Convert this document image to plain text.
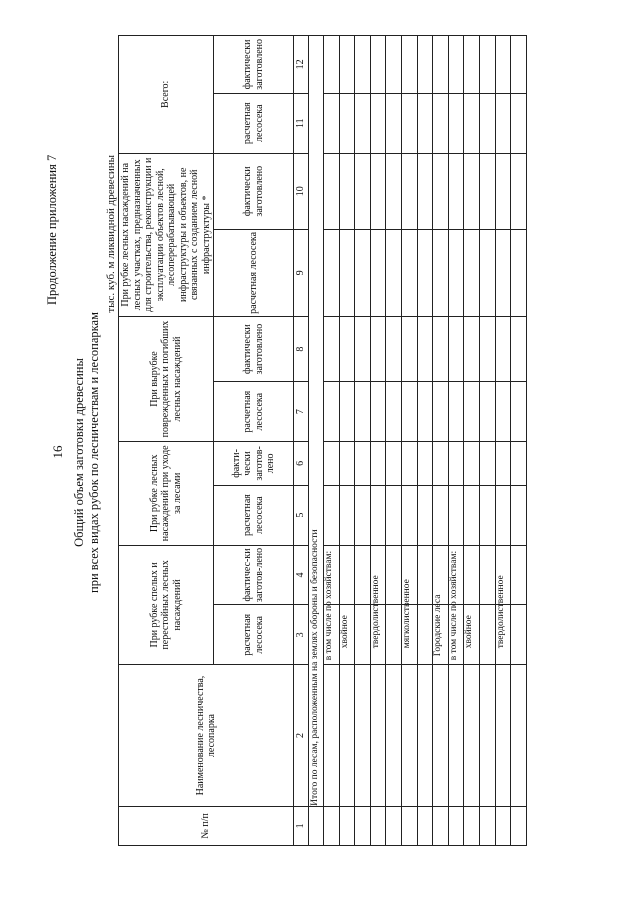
16
Продолжение приложения 7
Общий объем заготовки древесины при всех видах рубок по лесничествам и лесопаркам
тыс. куб. м ликвидной древесины
№ п/п	Наименование лесничества, лесопарка	При рубке спелых и перестойных лесных насаждений		При рубке лесных насаждений при уходе за лесами		При вырубке поврежденных и погибших лесных насаждений		При рубке лесных насаждений на лесных участках, предназначенных для строительства, реконструкции и эксплуатации объектов лесной, лесоперерабатывающей инфраструктуры и объектов, не связанных с созданием лесной инфраструктуры *		Всего:	
		расчетная лесосека	фактичес-ки заготов-лено	расчетная лесосека	факти-чески заготов-лено	расчетная лесосека	фактически заготовлено	расчетная лесосека	фактически заготовлено	расчетная лесосека	фактически заготовлено
1	2	3	4	5	6	7	8	9	10	11	12
	Итого по лесам, расположенным на землях обороны и безопасности										

		в том числе по хозяйствам:									

		хвойное									

		твердолиственное									

		мягколиственное									

		Городские леса									

		в том числе по хозяйствам:									

		хвойное									

		твердолиственное									
